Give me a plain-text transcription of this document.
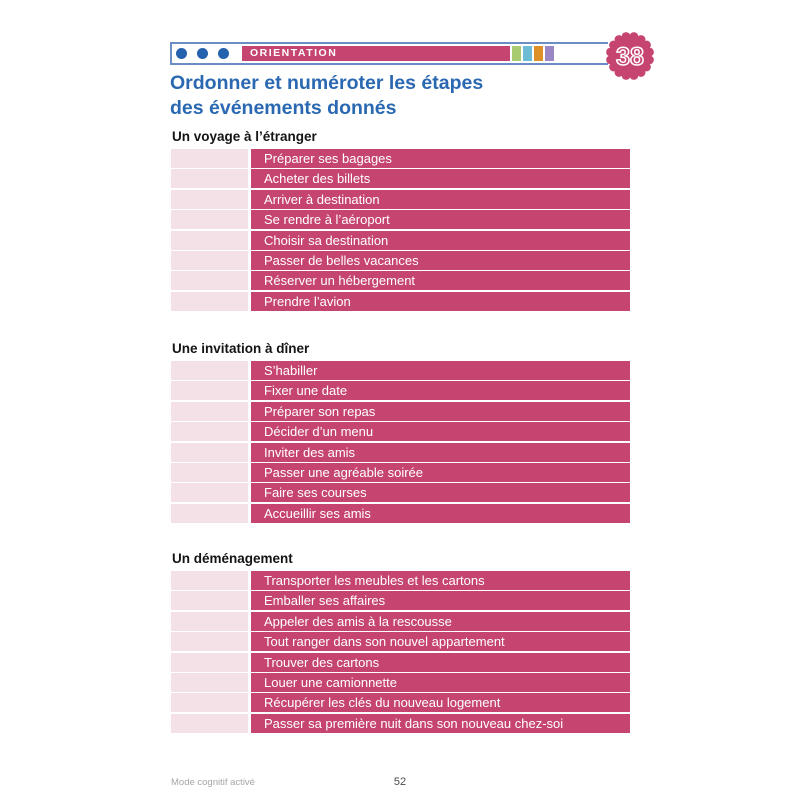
ORIENTATION	38
Ordonner et numéroter les étapes
des événements donnés
Un voyage à l’étranger
Préparer ses bagages
Acheter des billets
Arriver à destination
Se rendre à l’aéroport
Choisir sa destination
Passer de belles vacances
Réserver un hébergement
Prendre l’avion
Une invitation à dîner
S’habiller
Fixer une date
Préparer son repas
Décider d’un menu
Inviter des amis
Passer une agréable soirée
Faire ses courses
Accueillir ses amis
Un déménagement
Transporter les meubles et les cartons
Emballer ses affaires
Appeler des amis à la rescousse
Tout ranger dans son nouvel appartement
Trouver des cartons
Louer une camionnette
Récupérer les clés du nouveau logement
Passer sa première nuit dans son nouveau chez-soi
Mode cognitif activé	52
